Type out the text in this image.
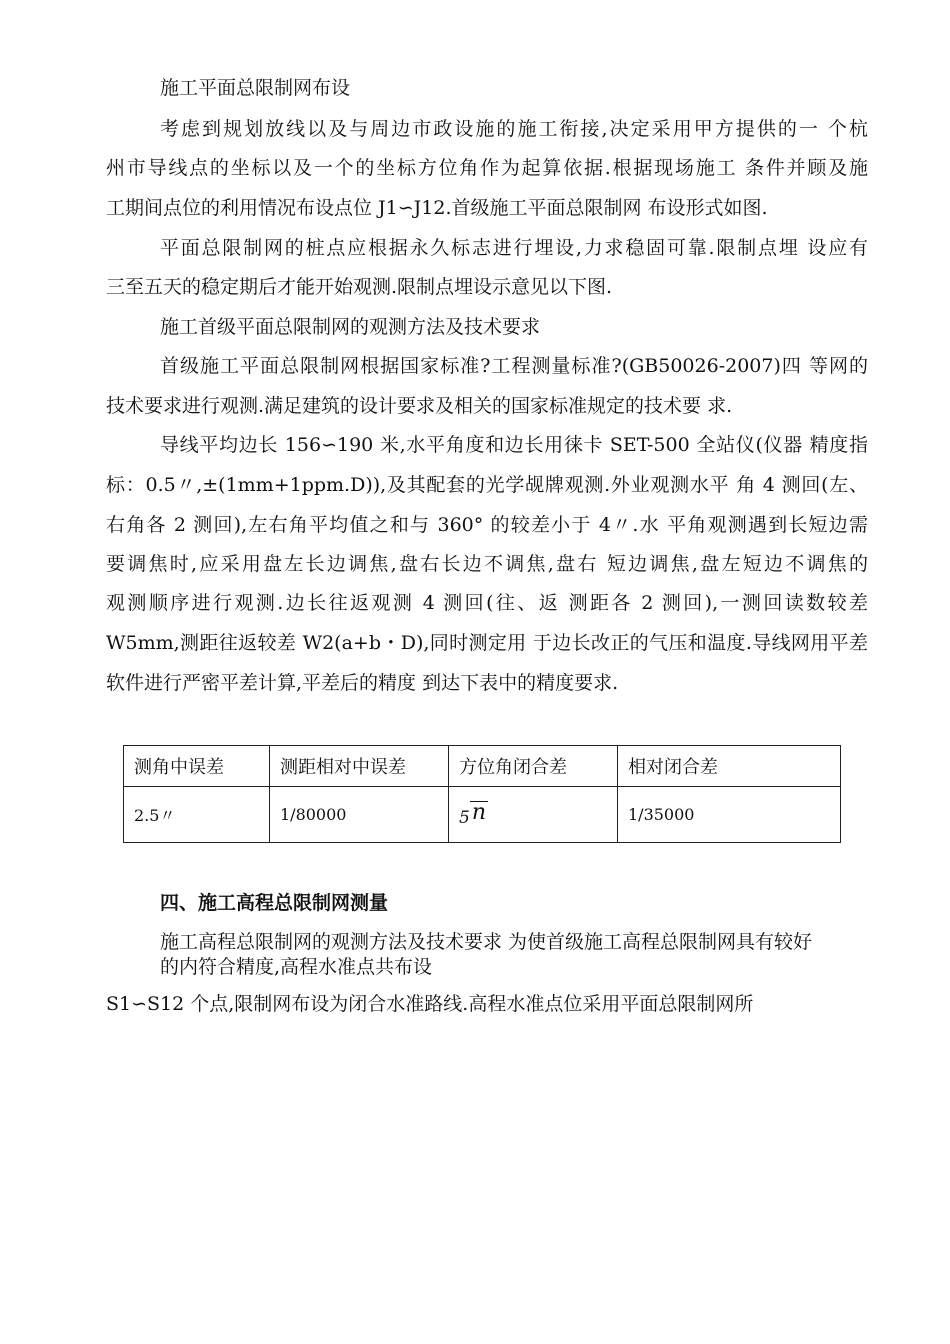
施工平面总限制网布设
考虑到规划放线以及与周边市政设施的施工衔接,决定采用甲方提供的一 个杭
州市导线点的坐标以及一个的坐标方位角作为起算依据.根据现场施工 条件并顾及施
工期间点位的利用情况布设点位 J1∽J12.首级施工平面总限制网 布设形式如图.
平面总限制网的桩点应根据永久标志进行埋设,力求稳固可靠.限制点埋 设应有
三至五天的稳定期后才能开始观测.限制点埋设示意见以下图.
施工首级平面总限制网的观测方法及技术要求
首级施工平面总限制网根据国家标准?工程测量标准?(GB50026-2007)四 等网的
技术要求进行观测.满足建筑的设计要求及相关的国家标准规定的技术要 求.
导线平均边长 156∽190 米,水平角度和边长用徕卡 SET-500 全站仪(仪器 精度指
标：0.5〃,±(1mm+1ppm.D)),及其配套的光学觇牌观测.外业观测水平 角 4 测回(左、
右角各 2 测回),左右角平均值之和与 360° 的较差小于 4〃.水 平角观测遇到长短边需
要调焦时,应采用盘左长边调焦,盘右长边不调焦,盘右 短边调焦,盘左短边不调焦的
观测顺序进行观测.边长往返观测 4 测回(往、返 测距各 2 测回),一测回读数较差
W5mm,测距往返较差 W2(a+b・D),同时测定用 于边长改正的气压和温度.导线网用平差
软件进行严密平差计算,平差后的精度 到达下表中的精度要求.
测角中误差	测距相对中误差	方位角闭合差	相对闭合差
2.5〃	1/80000	5n	1/35000
四、施工高程总限制网测量
施工高程总限制网的观测方法及技术要求 为使首级施工高程总限制网具有较好
的内符合精度,高程水准点共布设
S1∽S12 个点,限制网布设为闭合水准路线.高程水准点位采用平面总限制网所
